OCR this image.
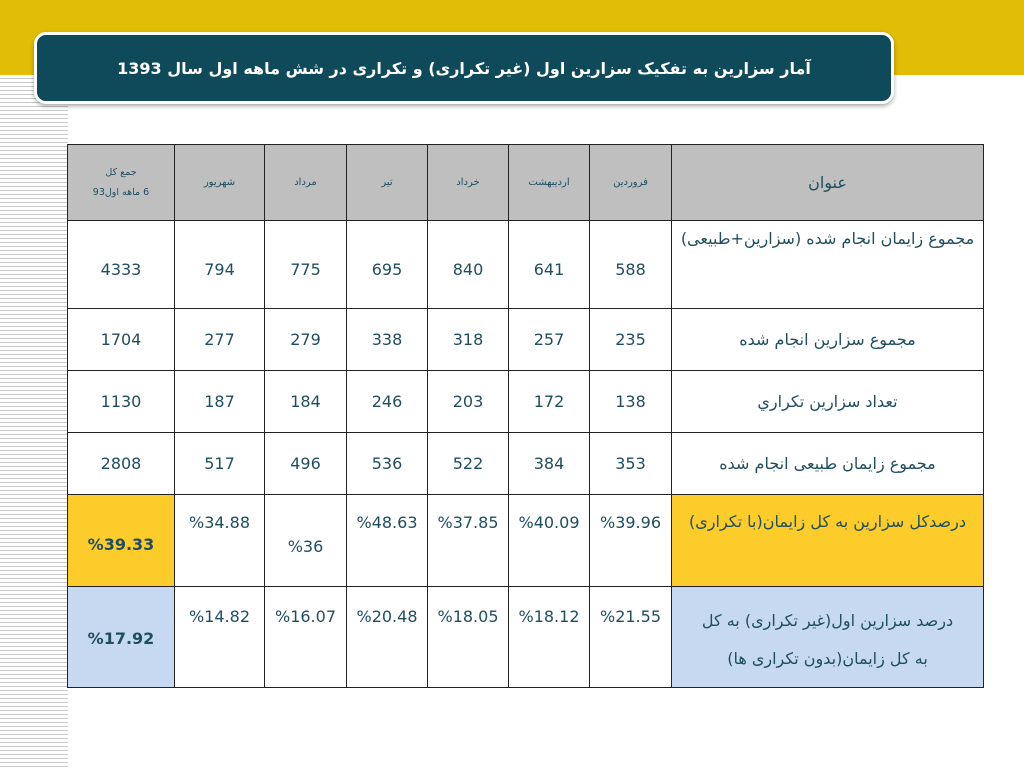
آمار سزارین به تفکیک سزارین اول (غیر تکراری) و تکراری در شش ماهه اول سال 1393
عنوان	فروردین	اردیبهشت	خرداد	تیر	مرداد	شهریور	جمع کل
6 ماهه اول93

مجموع زایمان انجام شده (سزارین+طبیعی)	588	641	840	695	775	794	4333
مجموع سزارین انجام شده	235	257	318	338	279	277	1704
تعداد سزارین تکراري	138	172	203	246	184	187	1130
مجموع زایمان طبیعی انجام شده	353	384	522	536	496	517	2808
درصدکل سزارین به کل زایمان(با تکراری)	%39.96	%40.09	%37.85	%48.63	%36	%34.88	%39.33

درصد سزارین اول(غیر تکراری) به کل
به کل زایمان(بدون تکراری ها)	%21.55	%18.12	%18.05	%20.48	%16.07	%14.82	%17.92
